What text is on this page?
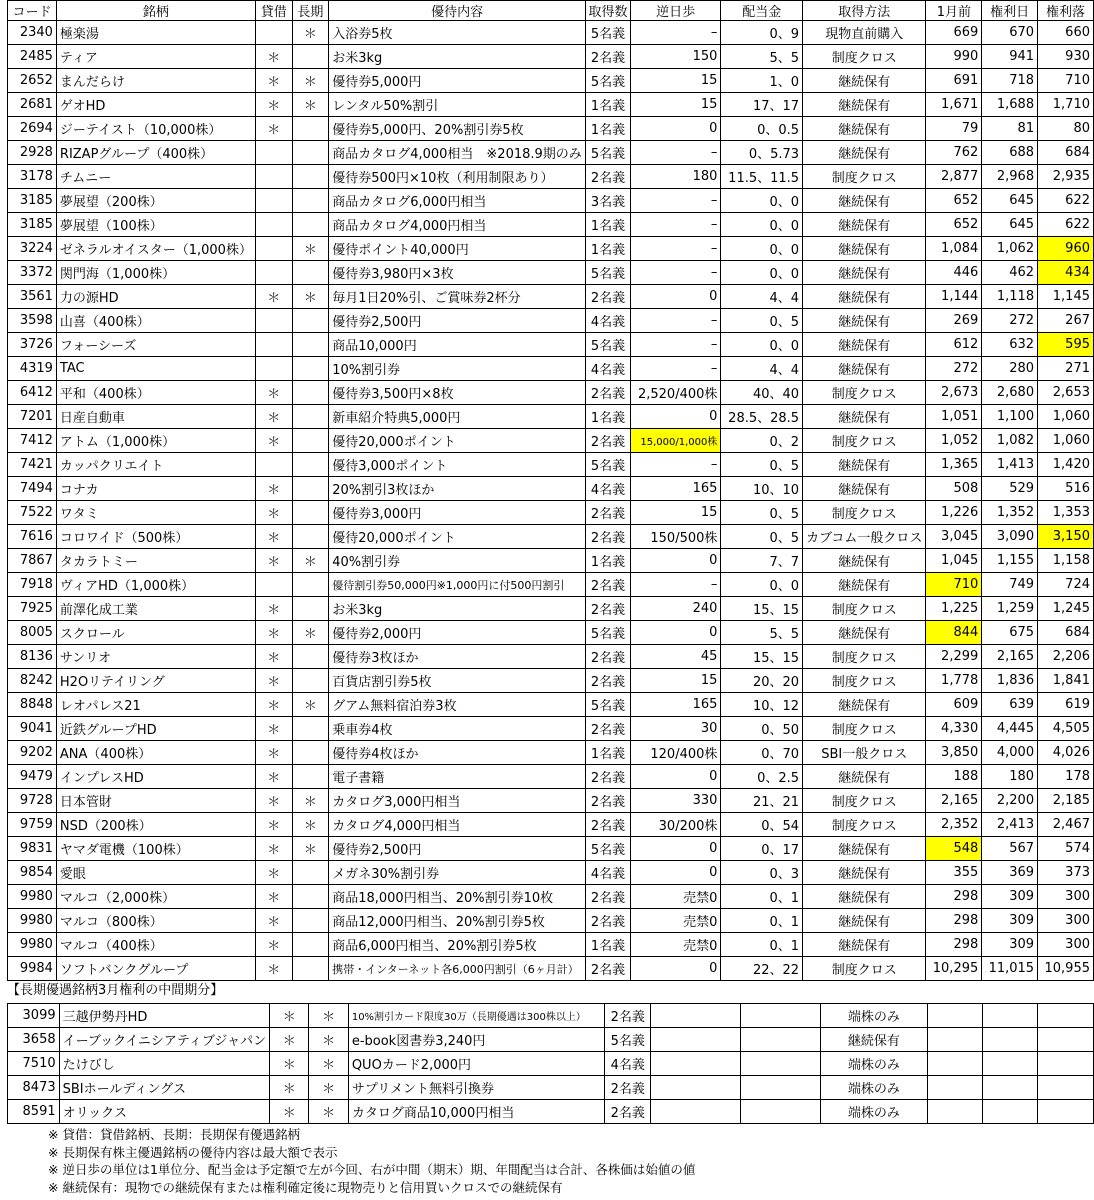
コード	銘柄	貸借	長期	優待内容	取得数	逆日歩	配当金	取得方法	1月前	権利日	権利落
2340	極楽湯		＊	入浴券5枚	5名義	–	0、9	現物直前購入	669	670	660
2485	ティア	＊		お米3kg	2名義	150	5、5	制度クロス	990	941	930
2652	まんだらけ	＊	＊	優待券5,000円	5名義	15	1、0	継続保有	691	718	710
2681	ゲオHD	＊	＊	レンタル50%割引	1名義	15	17、17	継続保有	1,671	1,688	1,710
2694	ジーテイスト（10,000株）	＊		優待券5,000円、20%割引券5枚	1名義	0	0、0.5	継続保有	79	81	80
2928	RIZAPグループ（400株）			商品カタログ4,000相当　※2018.9期のみ	5名義	–	0、5.73	継続保有	762	688	684
3178	チムニー			優待券500円×10枚（利用制限あり）	2名義	180	11.5、11.5	制度クロス	2,877	2,968	2,935
3185	夢展望（200株）			商品カタログ6,000円相当	3名義	–	0、0	継続保有	652	645	622
3185	夢展望（100株）			商品カタログ4,000円相当	1名義	–	0、0	継続保有	652	645	622
3224	ゼネラルオイスター（1,000株）		＊	優待ポイント40,000円	1名義	–	0、0	継続保有	1,084	1,062	960
3372	関門海（1,000株）			優待券3,980円×3枚	5名義	–	0、0	継続保有	446	462	434
3561	力の源HD	＊	＊	毎月1日20%引、ご賞味券2杯分	2名義	0	4、4	継続保有	1,144	1,118	1,145
3598	山喜（400株）			優待券2,500円	4名義	–	0、5	継続保有	269	272	267
3726	フォーシーズ			商品10,000円	5名義	–	0、0	継続保有	612	632	595
4319	TAC			10%割引券	4名義	–	4、4	継続保有	272	280	271
6412	平和（400株）	＊		優待券3,500円×8枚	2名義	2,520/400株	40、40	制度クロス	2,673	2,680	2,653
7201	日産自動車	＊		新車紹介特典5,000円	1名義	0	28.5、28.5	継続保有	1,051	1,100	1,060
7412	アトム（1,000株）	＊		優待20,000ポイント	2名義	15,000/1,000株	0、2	制度クロス	1,052	1,082	1,060
7421	カッパクリエイト			優待3,000ポイント	5名義	–	0、5	継続保有	1,365	1,413	1,420
7494	コナカ	＊		20%割引3枚ほか	4名義	165	10、10	継続保有	508	529	516
7522	ワタミ	＊		優待券3,000円	2名義	15	0、5	制度クロス	1,226	1,352	1,353
7616	コロワイド（500株）	＊		優待20,000ポイント	2名義	150/500株	0、5	カブコム一般クロス	3,045	3,090	3,150
7867	タカラトミー	＊	＊	40%割引券	1名義	0	7、7	継続保有	1,045	1,155	1,158
7918	ヴィアHD（1,000株）			優待割引券50,000円※1,000円に付500円割引	2名義	–	0、0	継続保有	710	749	724
7925	前澤化成工業	＊		お米3kg	2名義	240	15、15	制度クロス	1,225	1,259	1,245
8005	スクロール	＊	＊	優待券2,000円	5名義	0	5、5	継続保有	844	675	684
8136	サンリオ	＊		優待券3枚ほか	2名義	45	15、15	制度クロス	2,299	2,165	2,206
8242	H2Oリテイリング	＊		百貨店割引券5枚	2名義	15	20、20	制度クロス	1,778	1,836	1,841
8848	レオパレス21	＊	＊	グアム無料宿泊券3枚	5名義	165	10、12	継続保有	609	639	619
9041	近鉄グループHD	＊		乗車券4枚	2名義	30	0、50	制度クロス	4,330	4,445	4,505
9202	ANA（400株）	＊		優待券4枚ほか	1名義	120/400株	0、70	SBI一般クロス	3,850	4,000	4,026
9479	インプレスHD	＊		電子書籍	2名義	0	0、2.5	継続保有	188	180	178
9728	日本管財	＊	＊	カタログ3,000円相当	2名義	330	21、21	制度クロス	2,165	2,200	2,185
9759	NSD（200株）	＊	＊	カタログ4,000円相当	2名義	30/200株	0、54	制度クロス	2,352	2,413	2,467
9831	ヤマダ電機（100株）	＊	＊	優待券2,500円	5名義	0	0、17	継続保有	548	567	574
9854	愛眼	＊		メガネ30%割引券	4名義	0	0、3	継続保有	355	369	373
9980	マルコ（2,000株）	＊		商品18,000円相当、20%割引券10枚	2名義	売禁0	0、1	継続保有	298	309	300
9980	マルコ（800株）	＊		商品12,000円相当、20%割引券5枚	2名義	売禁0	0、1	継続保有	298	309	300
9980	マルコ（400株）	＊		商品6,000円相当、20%割引券5枚	1名義	売禁0	0、1	継続保有	298	309	300
9984	ソフトバンクグループ	＊		携帯・インターネット各6,000円割引（6ヶ月計）	2名義	0	22、22	制度クロス	10,295	11,015	10,955
【長期優遇銘柄3月権利の中間期分】
3099	三越伊勢丹HD	＊	＊	10%割引カード限度30万（長期優遇は300株以上）	2名義			端株のみ			
3658	イーブックイニシアティブジャパン	＊	＊	e-book図書券3,240円	5名義			継続保有			
7510	たけびし	＊	＊	QUOカード2,000円	4名義			端株のみ			
8473	SBIホールディングス	＊	＊	サプリメント無料引換券	2名義			端株のみ			
8591	オリックス	＊	＊	カタログ商品10,000円相当	2名義			端株のみ			
※ 貸借：貸借銘柄、長期：長期保有優遇銘柄
※ 長期保有株主優遇銘柄の優待内容は最大額で表示
※ 逆日歩の単位は1単位分、配当金は予定額で左が今回、右が中間（期末）期、年間配当は合計、各株価は始値の値
※ 継続保有：現物での継続保有または権利確定後に現物売りと信用買いクロスでの継続保有
